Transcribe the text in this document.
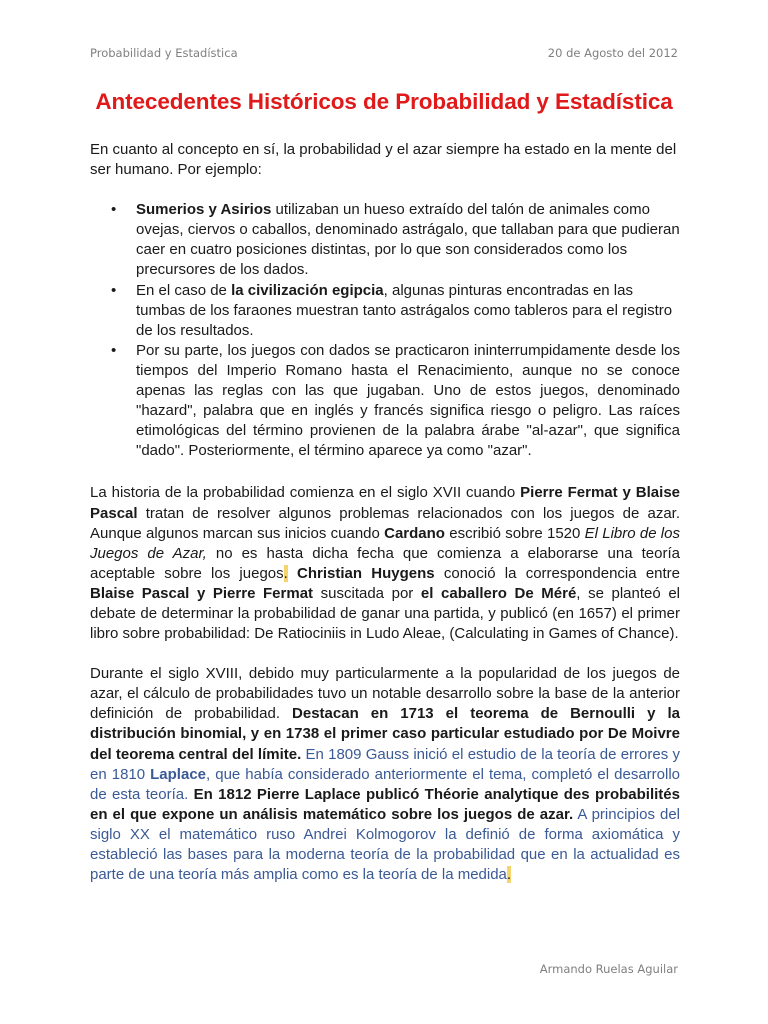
Probabilidad y Estadística	20 de Agosto del 2012
Antecedentes Históricos de Probabilidad y Estadística

En cuanto al concepto en sí, la probabilidad y el azar siempre ha estado en la mente del ser humano. Por ejemplo:

• Sumerios y Asirios utilizaban un hueso extraído del talón de animales como ovejas, ciervos o caballos, denominado astrágalo, que tallaban para que pudieran caer en cuatro posiciones distintas, por lo que son considerados como los precursores de los dados.
• En el caso de la civilización egipcia, algunas pinturas encontradas en las tumbas de los faraones muestran tanto astrágalos como tableros para el registro de los resultados.
• Por su parte, los juegos con dados se practicaron ininterrumpidamente desde los tiempos del Imperio Romano hasta el Renacimiento, aunque no se conoce apenas las reglas con las que jugaban. Uno de estos juegos, denominado "hazard", palabra que en inglés y francés significa riesgo o peligro. Las raíces etimológicas del término provienen de la palabra árabe "al-azar", que significa "dado". Posteriormente, el término aparece ya como "azar".

La historia de la probabilidad comienza en el siglo XVII cuando Pierre Fermat y Blaise Pascal tratan de resolver algunos problemas relacionados con los juegos de azar. Aunque algunos marcan sus inicios cuando Cardano escribió sobre 1520 El Libro de los Juegos de Azar, no es hasta dicha fecha que comienza a elaborarse una teoría aceptable sobre los juegos. Christian Huygens conoció la correspondencia entre Blaise Pascal y Pierre Fermat suscitada por el caballero De Méré, se planteó el debate de determinar la probabilidad de ganar una partida, y publicó (en 1657) el primer libro sobre probabilidad: De Ratiociniis in Ludo Aleae, (Calculating in Games of Chance).

Durante el siglo XVIII, debido muy particularmente a la popularidad de los juegos de azar, el cálculo de probabilidades tuvo un notable desarrollo sobre la base de la anterior definición de probabilidad. Destacan en 1713 el teorema de Bernoulli y la distribución binomial, y en 1738 el primer caso particular estudiado por De Moivre del teorema central del límite. En 1809 Gauss inició el estudio de la teoría de errores y en 1810 Laplace, que había considerado anteriormente el tema, completó el desarrollo de esta teoría. En 1812 Pierre Laplace publicó Théorie analytique des probabilités en el que expone un análisis matemático sobre los juegos de azar. A principios del siglo XX el matemático ruso Andrei Kolmogorov la definió de forma axiomática y estableció las bases para la moderna teoría de la probabilidad que en la actualidad es parte de una teoría más amplia como es la teoría de la medida.

Armando Ruelas Aguilar
